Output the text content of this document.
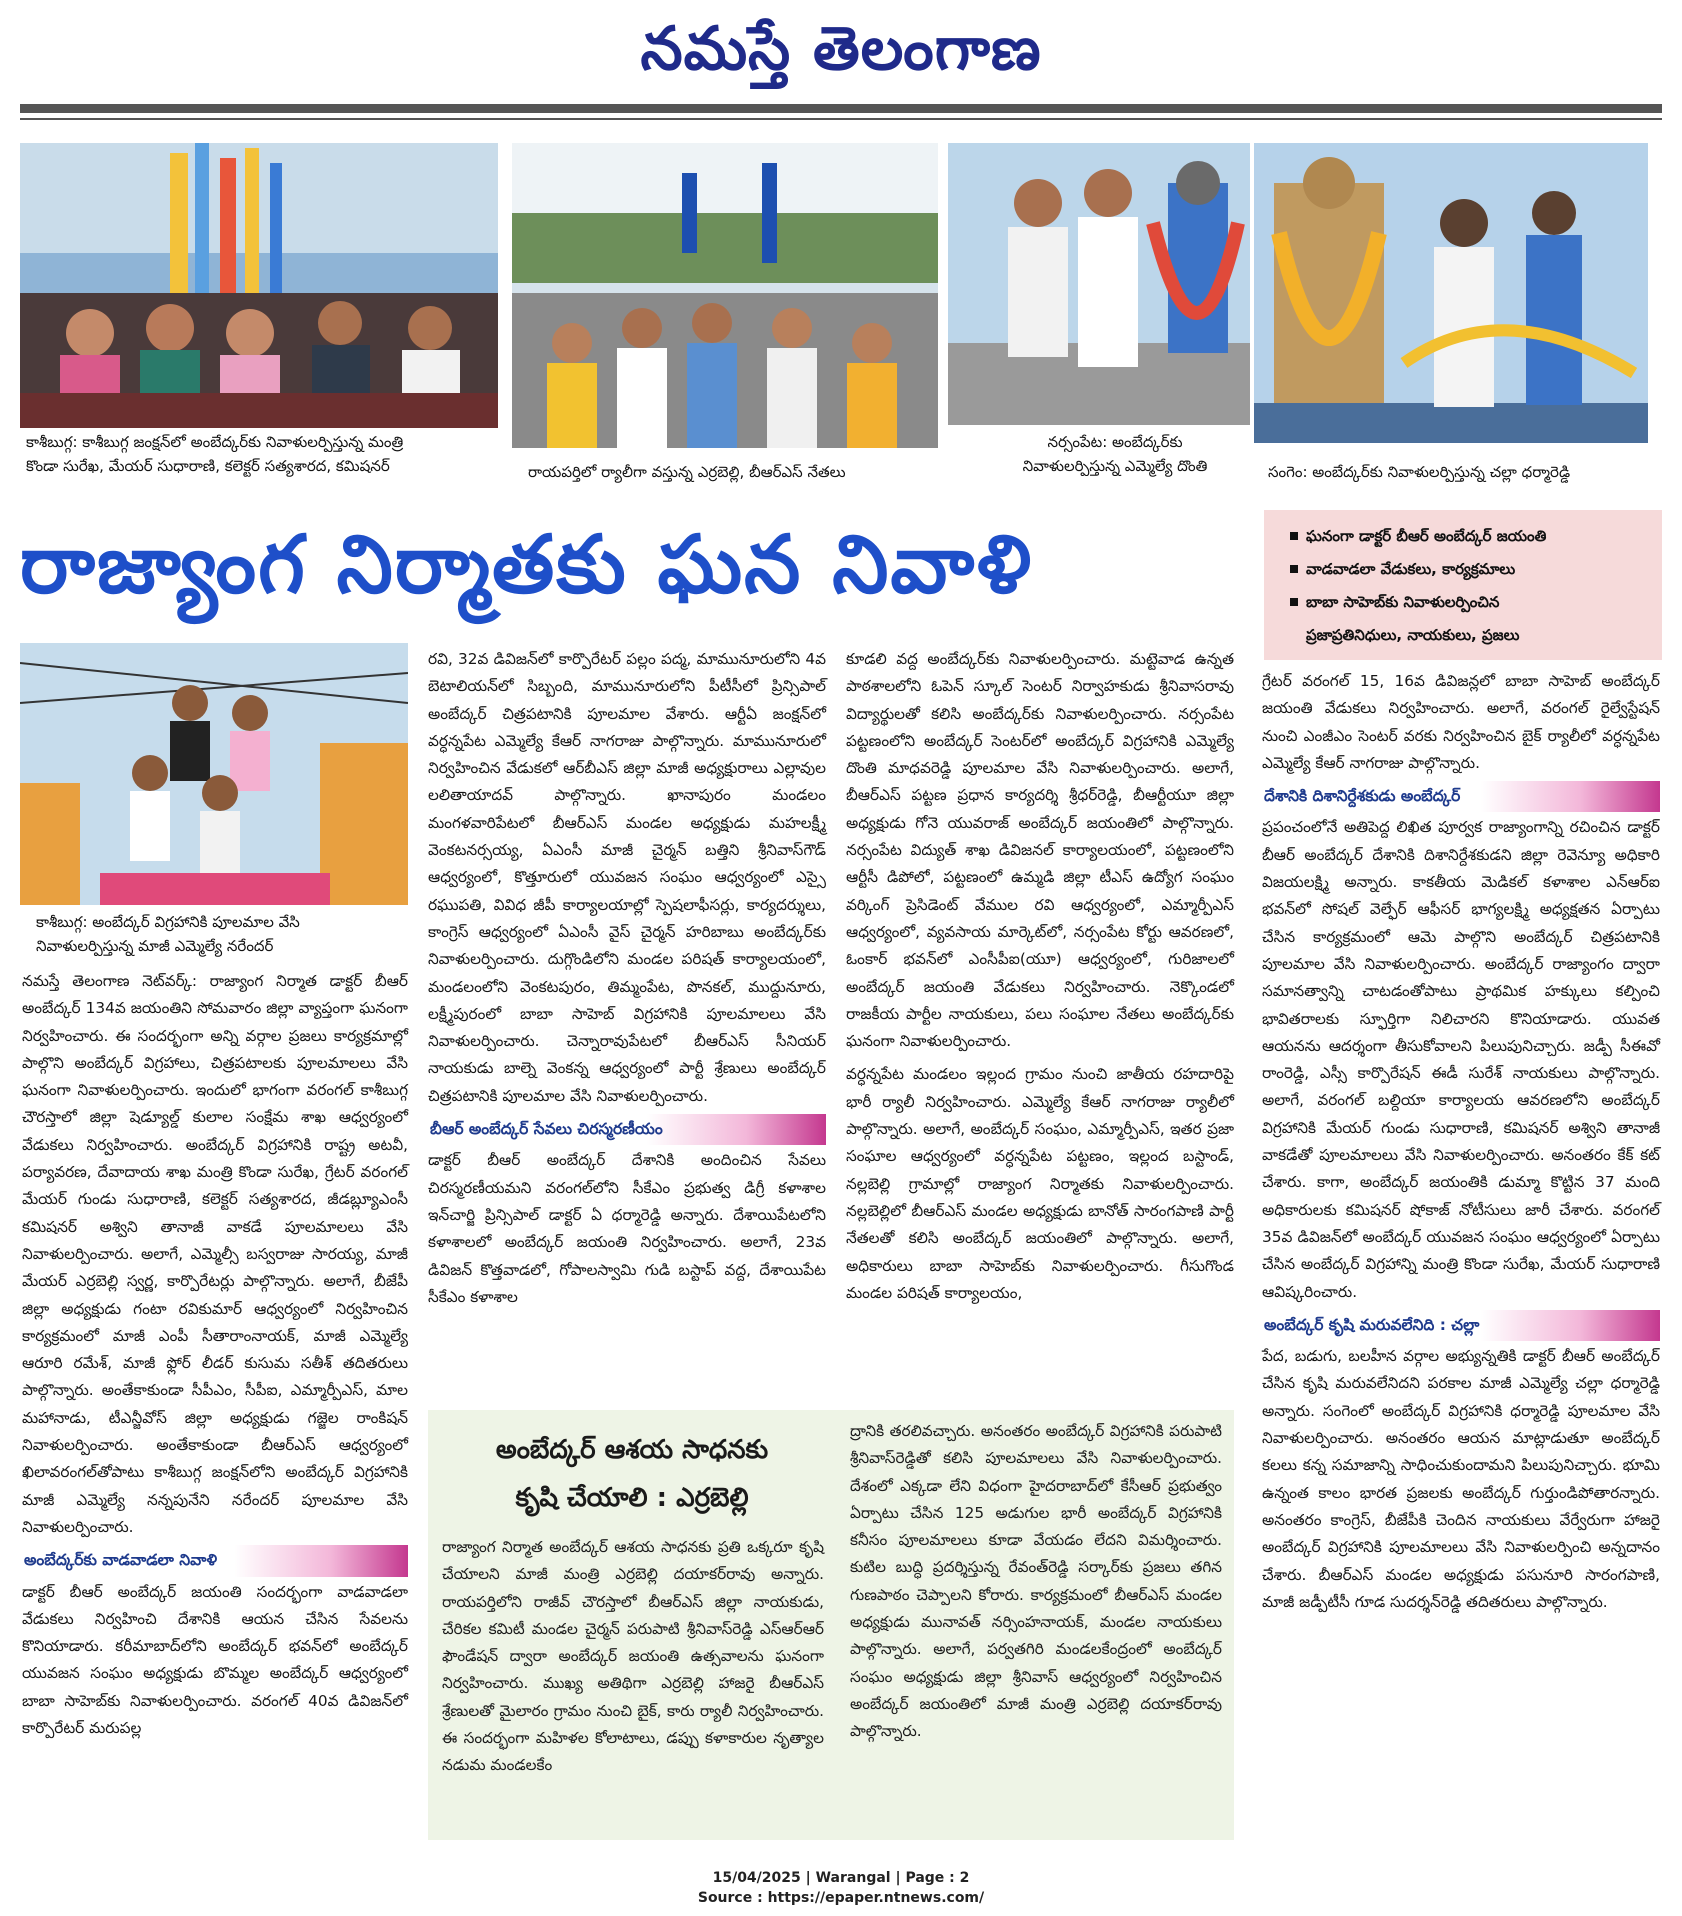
నమస్తే తెలంగాణ
కాశీబుగ్గ: కాశీబుగ్గ జంక్షన్‌లో అంబేద్కర్‌కు నివాళులర్పిస్తున్న మంత్రి
కొండా సురేఖ, మేయర్ సుధారాణి, కలెక్టర్ సత్యశారద, కమిషనర్	రాయపర్తిలో ర్యాలీగా వస్తున్న ఎర్రబెల్లి, బీఆర్‌ఎస్ నేతలు
నర్సంపేట: అంబేద్కర్‌కు
నివాళులర్పిస్తున్న ఎమ్మెల్యే దొంతి	సంగెం: అంబేద్కర్‌కు నివాళులర్పిస్తున్న చల్లా ధర్మారెడ్డి
రాజ్యాంగ నిర్మాతకు ఘన నివాళి	ఘనంగా డాక్టర్ బీఆర్ అంబేద్కర్ జయంతి
వాడవాడలా వేడుకలు, కార్యక్రమాలు
బాబా సాహెబ్‌కు నివాళులర్పించిన
ప్రజాప్రతినిధులు, నాయకులు, ప్రజలు
కాశీబుగ్గ: అంబేద్కర్ విగ్రహానికి పూలమాల వేసి
నివాళులర్పిస్తున్న మాజీ ఎమ్మెల్యే నరేందర్

నమస్తే తెలంగాణ నెట్‌వర్క్: రాజ్యాంగ నిర్మాత డాక్టర్ బీఆర్ అంబేద్కర్ 134వ జయంతిని సోమవారం జిల్లా వ్యాప్తంగా ఘనంగా నిర్వహించారు. ఈ సందర్భంగా అన్ని వర్గాల ప్రజలు కార్యక్రమాల్లో పాల్గొని అంబేద్కర్ విగ్రహాలు, చిత్రపటాలకు పూలమాలలు వేసి ఘనంగా నివాళులర్పించారు. ఇందులో భాగంగా వరంగల్ కాశీబుగ్గ చౌరస్తాలో జిల్లా షెడ్యూల్డ్ కులాల సంక్షేమ శాఖ ఆధ్వర్యంలో వేడుకలు నిర్వహించారు. అంబేద్కర్ విగ్రహానికి రాష్ట్ర అటవీ, పర్యావరణ, దేవాదాయ శాఖ మంత్రి కొండా సురేఖ, గ్రేటర్ వరంగల్ మేయర్ గుండు సుధారాణి, కలెక్టర్ సత్యశారద, జీడబ్ల్యూఎంసీ కమిషనర్ అశ్విని తానాజీ వాకడే పూలమాలలు వేసి నివాళులర్పించారు. అలాగే, ఎమ్మెల్సీ బస్వరాజు సారయ్య, మాజీ మేయర్ ఎర్రబెల్లి స్వర్ణ, కార్పొరేటర్లు పాల్గొన్నారు. అలాగే, బీజేపీ జిల్లా అధ్యక్షుడు గంటా రవికుమార్ ఆధ్వర్యంలో నిర్వహించిన కార్యక్రమంలో మాజీ ఎంపీ సీతారాంనాయక్, మాజీ ఎమ్మెల్యే ఆరూరి రమేశ్, మాజీ ఫ్లోర్ లీడర్ కుసుమ సతీశ్ తదితరులు పాల్గొన్నారు. అంతేకాకుండా సీపీఎం, సీపీఐ, ఎమ్మార్పీఎస్, మాల మహానాడు, టీఎన్జీవోస్ జిల్లా అధ్యక్షుడు గజ్జెల రాంకిషన్ నివాళులర్పించారు. అంతేకాకుండా బీఆర్‌ఎస్ ఆధ్వర్యంలో ఖిలావరంగల్‌తోపాటు కాశీబుగ్గ జంక్షన్‌లోని అంబేద్కర్ విగ్రహానికి మాజీ ఎమ్మెల్యే నన్నపునేని నరేందర్ పూలమాల వేసి నివాళులర్పించారు.

అంబేద్కర్‌కు వాడవాడలా నివాళి

డాక్టర్ బీఆర్ అంబేద్కర్ జయంతి సందర్భంగా వాడవాడలా వేడుకలు నిర్వహించి దేశానికి ఆయన చేసిన సేవలను కొనియాడారు. కరీమాబాద్‌లోని అంబేద్కర్ భవన్‌లో అంబేద్కర్ యువజన సంఘం అధ్యక్షుడు బొమ్మల అంబేద్కర్ ఆధ్వర్యంలో బాబా సాహెబ్‌కు నివాళులర్పించారు. వరంగల్ 40వ డివిజన్‌లో కార్పొరేటర్ మరుపల్ల

రవి, 32వ డివిజన్‌లో కార్పొరేటర్ పల్లం పద్మ, మామునూరులోని 4వ బెటాలియన్‌లో సిబ్బంది, మామునూరులోని పీటీసీలో ప్రిన్సిపాల్ అంబేద్కర్ చిత్రపటానికి పూలమాల వేశారు. ఆర్టీఏ జంక్షన్‌లో వర్ధన్నపేట ఎమ్మెల్యే కేఆర్ నాగరాజు పాల్గొన్నారు. మామునూరులో నిర్వహించిన వేడుకలో ఆర్‌బీఎస్ జిల్లా మాజీ అధ్యక్షురాలు ఎల్లావుల లలితాయాదవ్ పాల్గొన్నారు. ఖానాపురం మండలం మంగళవారిపేటలో బీఆర్‌ఎస్ మండల అధ్యక్షుడు మహలక్ష్మీ వెంకటనర్సయ్య, ఏఎంసీ మాజీ చైర్మన్ బత్తిని శ్రీనివాస్‌గౌడ్ ఆధ్వర్యంలో, కొత్తూరులో యువజన సంఘం ఆధ్వర్యంలో ఎస్సై రఘుపతి, వివిధ జీపీ కార్యాలయాల్లో స్పెషలాఫీసర్లు, కార్యదర్శులు, కాంగ్రెస్ ఆధ్వర్యంలో ఏఎంసీ వైస్ చైర్మన్ హరిబాబు అంబేద్కర్‌కు నివాళులర్పించారు. దుగ్గొండిలోని మండల పరిషత్ కార్యాలయంలో, మండలంలోని వెంకటపురం, తిమ్మంపేట, పొనకల్, ముద్దునూరు, లక్ష్మీపురంలో బాబా సాహెబ్ విగ్రహానికి పూలమాలలు వేసి నివాళులర్పించారు. చెన్నారావుపేటలో బీఆర్‌ఎస్ సీనియర్ నాయకుడు బాల్నె వెంకన్న ఆధ్వర్యంలో పార్టీ శ్రేణులు అంబేద్కర్ చిత్రపటానికి పూలమాల వేసి నివాళులర్పించారు.

బీఆర్ అంబేద్కర్ సేవలు చిరస్మరణీయం

డాక్టర్ బీఆర్ అంబేద్కర్ దేశానికి అందించిన సేవలు చిరస్మరణీయమని వరంగల్‌లోని సీకేఎం ప్రభుత్వ డిగ్రీ కళాశాల ఇన్‌చార్జి ప్రిన్సిపాల్ డాక్టర్ ఏ ధర్మారెడ్డి అన్నారు. దేశాయిపేటలోని కళాశాలలో అంబేద్కర్ జయంతి నిర్వహించారు. అలాగే, 23వ డివిజన్ కొత్తవాడలో, గోపాలస్వామి గుడి బస్టాప్ వద్ద, దేశాయిపేట సీకేఎం కళాశాల

కూడలి వద్ద అంబేద్కర్‌కు నివాళులర్పించారు. మట్టెవాడ ఉన్నత పాఠశాలలోని ఓపెన్ స్కూల్ సెంటర్ నిర్వాహకుడు శ్రీనివాసరావు విద్యార్థులతో కలిసి అంబేద్కర్‌కు నివాళులర్పించారు. నర్సంపేట పట్టణంలోని అంబేద్కర్ సెంటర్‌లో అంబేద్కర్ విగ్రహానికి ఎమ్మెల్యే దొంతి మాధవరెడ్డి పూలమాల వేసి నివాళులర్పించారు. అలాగే, బీఆర్‌ఎస్ పట్టణ ప్రధాన కార్యదర్శి శ్రీధర్‌రెడ్డి, బీఆర్టీయూ జిల్లా అధ్యక్షుడు గోనె యువరాజ్ అంబేద్కర్ జయంతిలో పాల్గొన్నారు. నర్సంపేట విద్యుత్ శాఖ డివిజనల్ కార్యాలయంలో, పట్టణంలోని ఆర్టీసీ డిపోలో, పట్టణంలో ఉమ్మడి జిల్లా టీఎస్ ఉద్యోగ సంఘం వర్కింగ్ ప్రెసిడెంట్ వేముల రవి ఆధ్వర్యంలో, ఎమ్మార్పీఎస్ ఆధ్వర్యంలో, వ్యవసాయ మార్కెట్‌లో, నర్సంపేట కోర్టు ఆవరణలో, ఓంకార్ భవన్‌లో ఎంసీపీఐ(యూ) ఆధ్వర్యంలో, గురిజాలలో అంబేద్కర్ జయంతి వేడుకలు నిర్వహించారు. నెక్కొండలో రాజకీయ పార్టీల నాయకులు, పలు సంఘాల నేతలు అంబేద్కర్‌కు ఘనంగా నివాళులర్పించారు.

వర్ధన్నపేట మండలం ఇల్లంద గ్రామం నుంచి జాతీయ రహదారిపై భారీ ర్యాలీ నిర్వహించారు. ఎమ్మెల్యే కేఆర్ నాగరాజు ర్యాలీలో పాల్గొన్నారు. అలాగే, అంబేద్కర్ సంఘం, ఎమ్మార్పీఎస్, ఇతర ప్రజా సంఘాల ఆధ్వర్యంలో వర్ధన్నపేట పట్టణం, ఇల్లంద బస్టాండ్, నల్లబెల్లి గ్రామాల్లో రాజ్యాంగ నిర్మాతకు నివాళులర్పించారు. నల్లబెల్లిలో బీఆర్‌ఎస్ మండల అధ్యక్షుడు బానోత్ సారంగపాణి పార్టీ నేతలతో కలిసి అంబేద్కర్ జయంతిలో పాల్గొన్నారు. అలాగే, అధికారులు బాబా సాహెబ్‌కు నివాళులర్పించారు. గీసుగొండ మండల పరిషత్ కార్యాలయం,

అంబేద్కర్ ఆశయ సాధనకు
కృషి చేయాలి : ఎర్రబెల్లి
రాజ్యాంగ నిర్మాత అంబేద్కర్ ఆశయ సాధనకు ప్రతి ఒక్కరూ కృషి చేయాలని మాజీ మంత్రి ఎర్రబెల్లి దయాకర్‌రావు అన్నారు. రాయపర్తిలోని రాజీవ్ చౌరస్తాలో బీఆర్‌ఎస్ జిల్లా నాయకుడు, చేరికల కమిటీ మండల చైర్మన్ పరుపాటి శ్రీనివాస్‌రెడ్డి ఎస్‌ఆర్‌ఆర్ ఫౌండేషన్ ద్వారా అంబేద్కర్ జయంతి ఉత్సవాలను ఘనంగా నిర్వహించారు. ముఖ్య అతిథిగా ఎర్రబెల్లి హాజరై బీఆర్‌ఎస్ శ్రేణులతో మైలారం గ్రామం నుంచి బైక్, కారు ర్యాలీ నిర్వహించారు. ఈ సందర్భంగా మహిళల కోలాటాలు, డప్పు కళాకారుల నృత్యాల నడుమ మండలకేం
ద్రానికి తరలివచ్చారు. అనంతరం అంబేద్కర్ విగ్రహానికి పరుపాటి శ్రీనివాస్‌రెడ్డితో కలిసి పూలమాలలు వేసి నివాళులర్పించారు. దేశంలో ఎక్కడా లేని విధంగా హైదరాబాద్‌లో కేసీఆర్ ప్రభుత్వం ఏర్పాటు చేసిన 125 అడుగుల భారీ అంబేద్కర్ విగ్రహానికి కనీసం పూలమాలలు కూడా వేయడం లేదని విమర్శించారు. కుటిల బుద్ధి ప్రదర్శిస్తున్న రేవంత్‌రెడ్డి సర్కార్‌కు ప్రజలు తగిన గుణపాఠం చెప్పాలని కోరారు. కార్యక్రమంలో బీఆర్‌ఎస్ మండల అధ్యక్షుడు మునావత్ నర్సింహనాయక్, మండల నాయకులు పాల్గొన్నారు. అలాగే, పర్వతగిరి మండలకేంద్రంలో అంబేద్కర్ సంఘం అధ్యక్షుడు జిల్లా శ్రీనివాస్ ఆధ్వర్యంలో నిర్వహించిన అంబేద్కర్ జయంతిలో మాజీ మంత్రి ఎర్రబెల్లి దయాకర్‌రావు పాల్గొన్నారు.

గ్రేటర్ వరంగల్ 15, 16వ డివిజన్లలో బాబా సాహెబ్ అంబేద్కర్ జయంతి వేడుకలు నిర్వహించారు. అలాగే, వరంగల్ రైల్వేస్టేషన్ నుంచి ఎంజీఎం సెంటర్ వరకు నిర్వహించిన బైక్ ర్యాలీలో వర్ధన్నపేట ఎమ్మెల్యే కేఆర్ నాగరాజు పాల్గొన్నారు.

దేశానికి దిశానిర్దేశకుడు అంబేద్కర్

ప్రపంచంలోనే అతిపెద్ద లిఖిత పూర్వక రాజ్యాంగాన్ని రచించిన డాక్టర్ బీఆర్ అంబేద్కర్ దేశానికి దిశానిర్దేశకుడని జిల్లా రెవెన్యూ అధికారి విజయలక్ష్మి అన్నారు. కాకతీయ మెడికల్ కళాశాల ఎన్‌ఆర్‌ఐ భవన్‌లో సోషల్ వెల్ఫేర్ ఆఫీసర్ భాగ్యలక్ష్మి అధ్యక్షతన ఏర్పాటు చేసిన కార్యక్రమంలో ఆమె పాల్గొని అంబేద్కర్ చిత్రపటానికి పూలమాల వేసి నివాళులర్పించారు. అంబేద్కర్ రాజ్యాంగం ద్వారా సమానత్వాన్ని చాటడంతోపాటు ప్రాథమిక హక్కులు కల్పించి భావితరాలకు స్ఫూర్తిగా నిలిచారని కొనియాడారు. యువత ఆయనను ఆదర్శంగా తీసుకోవాలని పిలుపునిచ్చారు. జడ్పీ సీఈవో రాంరెడ్డి, ఎస్సీ కార్పొరేషన్ ఈడీ సురేశ్ నాయకులు పాల్గొన్నారు. అలాగే, వరంగల్ బల్దియా కార్యాలయ ఆవరణలోని అంబేద్కర్ విగ్రహానికి మేయర్ గుండు సుధారాణి, కమిషనర్ అశ్విని తానాజీ వాకడేతో పూలమాలలు వేసి నివాళులర్పించారు. అనంతరం కేక్ కట్ చేశారు. కాగా, అంబేద్కర్ జయంతికి డుమ్మా కొట్టిన 37 మంది అధికారులకు కమిషనర్ షోకాజ్ నోటీసులు జారీ చేశారు. వరంగల్ 35వ డివిజన్‌లో అంబేద్కర్ యువజన సంఘం ఆధ్వర్యంలో ఏర్పాటు చేసిన అంబేద్కర్ విగ్రహాన్ని మంత్రి కొండా సురేఖ, మేయర్ సుధారాణి ఆవిష్కరించారు.

అంబేద్కర్ కృషి మరువలేనిది : చల్లా

పేద, బడుగు, బలహీన వర్గాల అభ్యున్నతికి డాక్టర్ బీఆర్ అంబేద్కర్ చేసిన కృషి మరువలేనిదని పరకాల మాజీ ఎమ్మెల్యే చల్లా ధర్మారెడ్డి అన్నారు. సంగెంలో అంబేద్కర్ విగ్రహానికి ధర్మారెడ్డి పూలమాల వేసి నివాళులర్పించారు. అనంతరం ఆయన మాట్లాడుతూ అంబేద్కర్ కలలు కన్న సమాజాన్ని సాధించుకుందామని పిలుపునిచ్చారు. భూమి ఉన్నంత కాలం భారత ప్రజలకు అంబేద్కర్ గుర్తుండిపోతారన్నారు. అనంతరం కాంగ్రెస్, బీజేపీకి చెందిన నాయకులు వేర్వేరుగా హాజరై అంబేద్కర్ విగ్రహానికి పూలమాలలు వేసి నివాళులర్పించి అన్నదానం చేశారు. బీఆర్‌ఎస్ మండల అధ్యక్షుడు పసునూరి సారంగపాణి, మాజీ జడ్పీటీసీ గూడ సుదర్శన్‌రెడ్డి తదితరులు పాల్గొన్నారు.

15/04/2025 | Warangal | Page : 2
Source : https://epaper.ntnews.com/
